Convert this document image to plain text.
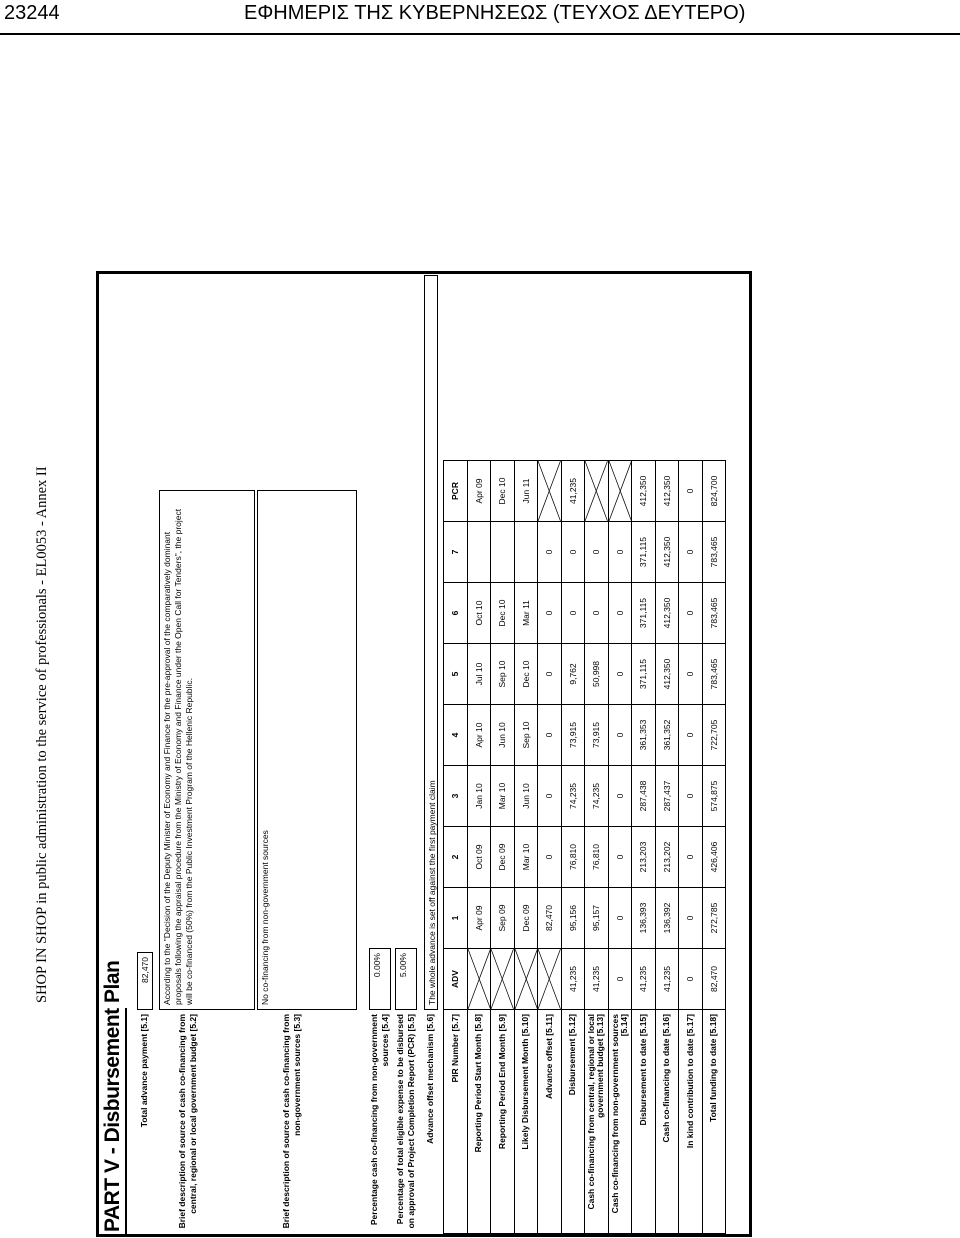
23244	ΕΦΗΜΕΡΙΣ ΤΗΣ ΚΥΒΕΡΝΗΣΕΩΣ (ΤΕΥΧΟΣ ΔΕΥΤΕΡΟ)
SHOP IN SHOP in public administration to the service of professionals - EL0053 - Annex II
PART V - Disbursement Plan Total advance payment [5.1]
82,470
Brief description of source of cash co-financing from central, regional or local government budget [5.2]
According to the "Decision of the Deputy Minister of Economy and Finance for the pre-approval of the comparatively dominant proposals following the appraisal procedure from the Ministry of Economy and Finance under the Open Call for Tenders", the project will be co-financed (50%) from the Public Investment Program of the Hellenic Republic.
Brief description of source of cash co-financing from non-government sources [5.3]
No co-financing from non-government sources
Percentage cash co-financing from non-government sources [5.4]
0.00%
Percentage of total eligible expense to be disbursed on approval of Project Completion Report (PCR) [5.5]
5.00%
Advance offset mechanism [5.6]
The whole advance is set off against the first payment claim
PIR Number [5.7]	ADV	1	2	3	4	5	6	7	PCR
Reporting Period Start Month [5.8]		Apr 09	Oct 09	Jan 10	Apr 10	Jul 10	Oct 10		Apr 09
Reporting Period End Month [5.9]		Sep 09	Dec 09	Mar 10	Jun 10	Sep 10	Dec 10		Dec 10
Likely Disbursement Month [5.10]		Dec 09	Mar 10	Jun 10	Sep 10	Dec 10	Mar 11		Jun 11
Advance offset [5.11]		82,470	0	0	0	0	0	0	

Disbursement [5.12]	41,235	95,156	76,810	74,235	73,915	9,762	0	0	41,235
Cash co-financing from central, regional or local government budget [5.13]	41,235	95,157	76,810	74,235	73,915	50,998	0	0	

Cash co-financing from non-government sources [5.14]	0	0	0	0	0	0	0	0	

Disbursement to date [5.15]	41,235	136,393	213,203	287,438	361,353	371,115	371,115	371,115	412,350
Cash co-financing to date [5.16]	41,235	136,392	213,202	287,437	361,352	412,350	412,350	412,350	412,350
In kind contribution to date [5.17]	0	0	0	0	0	0	0	0	0
Total funding to date [5.18]	82,470	272,785	426,406	574,875	722,705	783,465	783,465	783,465	824,700
